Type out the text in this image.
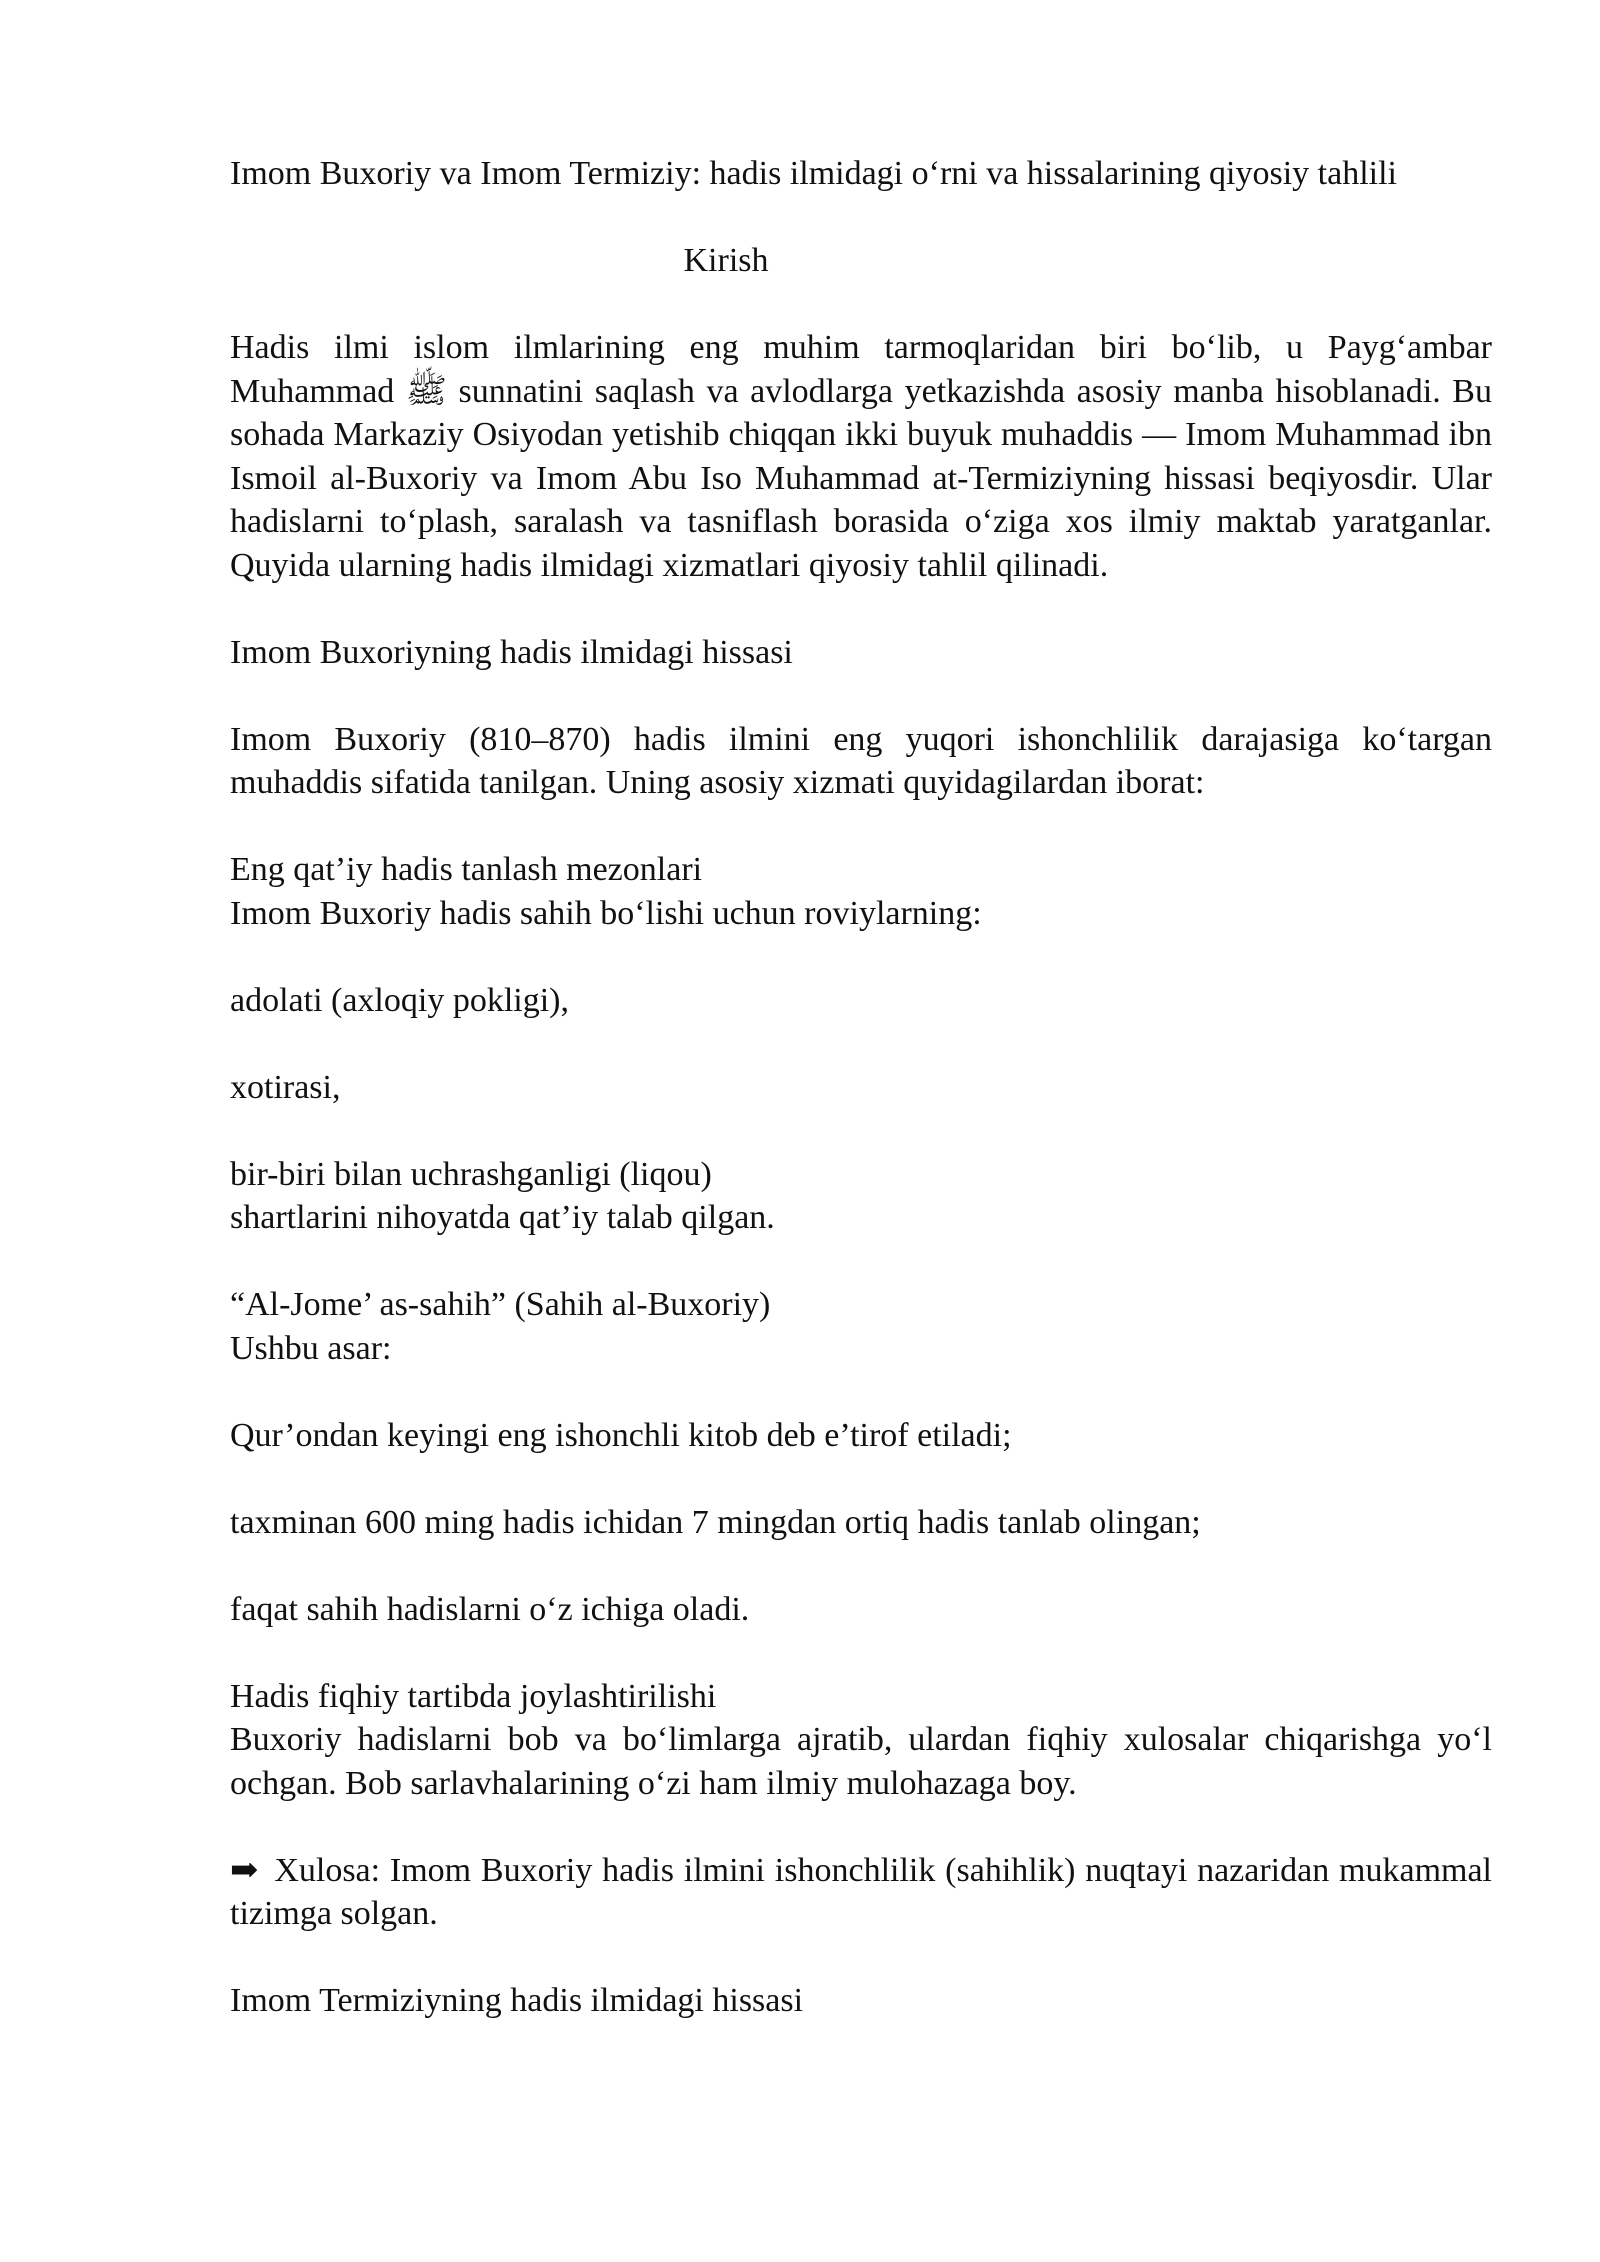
Imom Buxoriy va Imom Termiziy: hadis ilmidagi o‘rni va hissalarining qiyosiy tahlili

Kirish

Hadis ilmi islom ilmlarining eng muhim tarmoqlaridan biri bo‘lib, u Payg‘ambar Muhammad ﷺ sunnatini saqlash va avlodlarga yetkazishda asosiy manba hisoblanadi. Bu sohada Markaziy Osiyodan yetishib chiqqan ikki buyuk muhaddis — Imom Muhammad ibn Ismoil al-Buxoriy va Imom Abu Iso Muhammad at-Termiziyning hissasi beqiyosdir. Ular hadislarni to‘plash, saralash va tasniflash borasida o‘ziga xos ilmiy maktab yaratganlar. Quyida ularning hadis ilmidagi xizmatlari qiyosiy tahlil qilinadi.

Imom Buxoriyning hadis ilmidagi hissasi

Imom Buxoriy (810–870) hadis ilmini eng yuqori ishonchlilik darajasiga ko‘targan muhaddis sifatida tanilgan. Uning asosiy xizmati quyidagilardan iborat:

Eng qat’iy hadis tanlash mezonlari
Imom Buxoriy hadis sahih bo‘lishi uchun roviylarning:

adolati (axloqiy pokligi),

xotirasi,

bir-biri bilan uchrashganligi (liqou)
shartlarini nihoyatda qat’iy talab qilgan.

“Al-Jome’ as-sahih” (Sahih al-Buxoriy)
Ushbu asar:

Qur’ondan keyingi eng ishonchli kitob deb e’tirof etiladi;

taxminan 600 ming hadis ichidan 7 mingdan ortiq hadis tanlab olingan;

faqat sahih hadislarni o‘z ichiga oladi.

Hadis fiqhiy tartibda joylashtirilishi
Buxoriy hadislarni bob va bo‘limlarga ajratib, ulardan fiqhiy xulosalar chiqarishga yo‘l ochgan. Bob sarlavhalarining o‘zi ham ilmiy mulohazaga boy.

➡ Xulosa: Imom Buxoriy hadis ilmini ishonchlilik (sahihlik) nuqtayi nazaridan mukammal tizimga solgan.

Imom Termiziyning hadis ilmidagi hissasi
